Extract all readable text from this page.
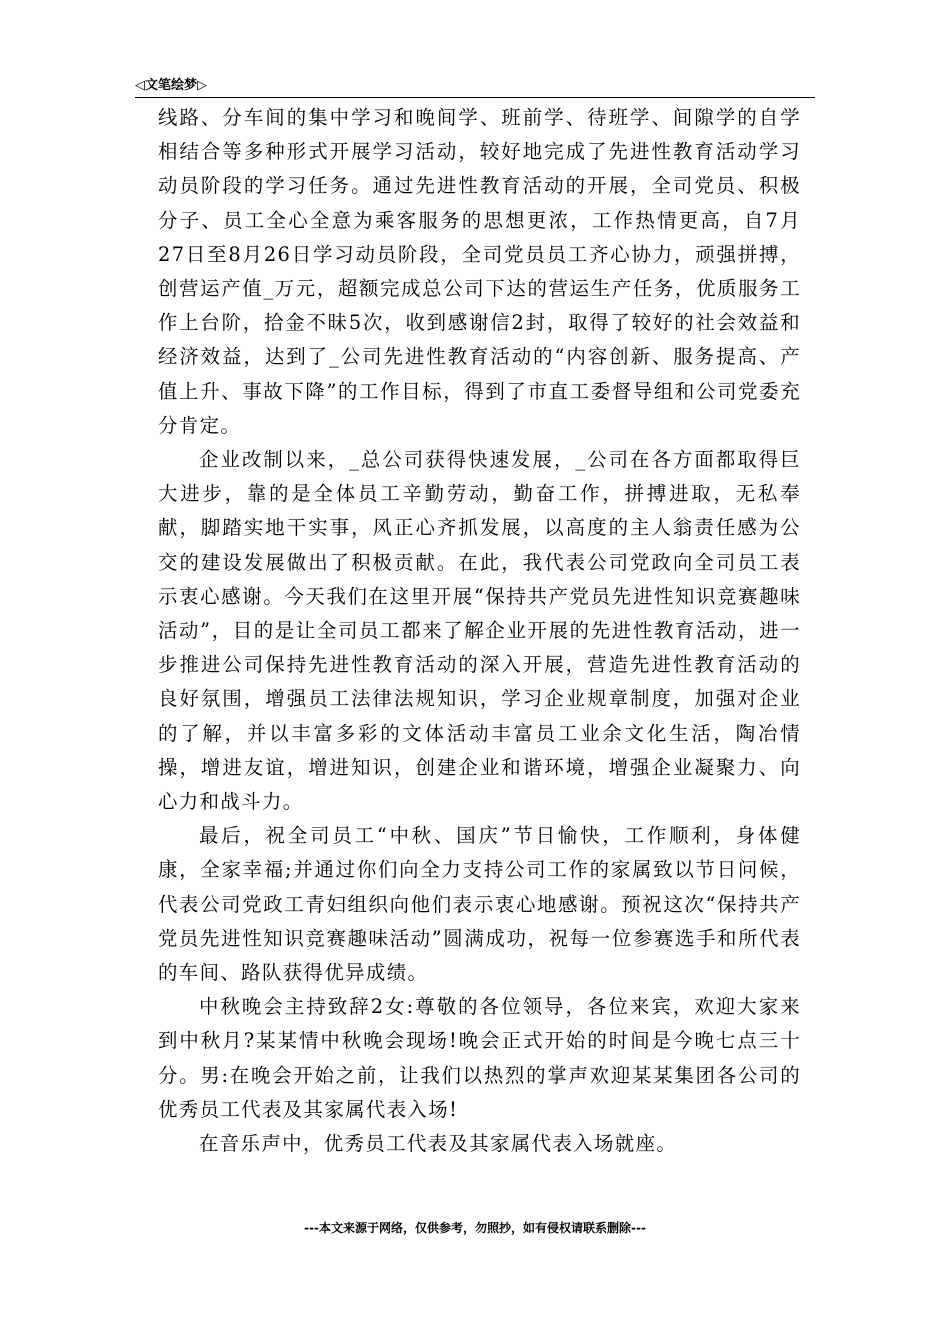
◁文笔绘梦▷

线路、分车间的集中学习和晚间学、班前学、待班学、间隙学的自学相结合等多种形式开展学习活动，较好地完成了先进性教育活动学习动员阶段的学习任务。通过先进性教育活动的开展，全司党员、积极分子、员工全心全意为乘客服务的思想更浓，工作热情更高，自7月27日至8月26日学习动员阶段，全司党员员工齐心协力，顽强拼搏，创营运产值_万元，超额完成总公司下达的营运生产任务，优质服务工作上台阶，拾金不昧5次，收到感谢信2封，取得了较好的社会效益和经济效益，达到了_公司先进性教育活动的“内容创新、服务提高、产值上升、事故下降”的工作目标，得到了市直工委督导组和公司党委充分肯定。

企业改制以来，_总公司获得快速发展，_公司在各方面都取得巨大进步，靠的是全体员工辛勤劳动，勤奋工作，拼搏进取，无私奉献，脚踏实地干实事，风正心齐抓发展，以高度的主人翁责任感为公交的建设发展做出了积极贡献。在此，我代表公司党政向全司员工表示衷心感谢。今天我们在这里开展“保持共产党员先进性知识竞赛趣味活动”，目的是让全司员工都来了解企业开展的先进性教育活动，进一步推进公司保持先进性教育活动的深入开展，营造先进性教育活动的良好氛围，增强员工法律法规知识，学习企业规章制度，加强对企业的了解，并以丰富多彩的文体活动丰富员工业余文化生活，陶冶情操，增进友谊，增进知识，创建企业和谐环境，增强企业凝聚力、向心力和战斗力。

最后，祝全司员工“中秋、国庆”节日愉快，工作顺利，身体健康，全家幸福;并通过你们向全力支持公司工作的家属致以节日问候，代表公司党政工青妇组织向他们表示衷心地感谢。预祝这次“保持共产党员先进性知识竞赛趣味活动”圆满成功，祝每一位参赛选手和所代表的车间、路队获得优异成绩。

中秋晚会主持致辞2女:尊敬的各位领导，各位来宾，欢迎大家来到中秋月?某某情中秋晚会现场!晚会正式开始的时间是今晚七点三十分。男:在晚会开始之前，让我们以热烈的掌声欢迎某某集团各公司的优秀员工代表及其家属代表入场!

在音乐声中，优秀员工代表及其家属代表入场就座。

---本文来源于网络，仅供参考，勿照抄，如有侵权请联系删除---
